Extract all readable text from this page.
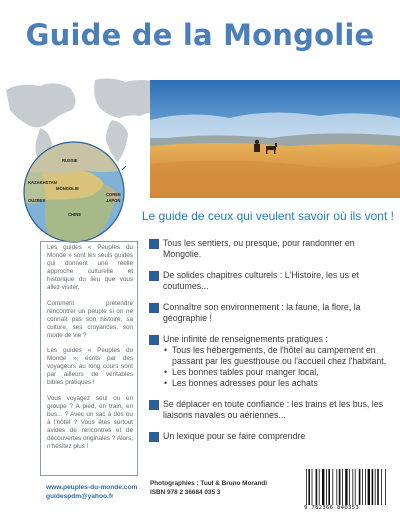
Guide de la Mongolie
RUSSIE
KAZAKHSTAN
MONGOLIE
CHINE
COREE
JAPON
OUZBEK
Le guide de ceux qui veulent savoir où ils vont !

Les guides « Peuples du Monde » sont les seuls guides qui donnent une réelle approche culturelle et historique du lieu que vous allez visiter.

Comment prétendre rencontrer un peuple si on ne connaît pas son histoire, sa culture, ses croyances, son mode de vie ?

Les guides « Peuples du Monde », écrits par des voyageurs au long cours sont par ailleurs de véritables bibles pratiques !

Vous voyagez seul ou en groupe ? A pied, en train, en bus... ? Avec un sac à dos ou à l'hôtel ? Vous êtes surtout avides de rencontres et de découvertes originales ? Alors, n'hésitez plus !

www.peuples-du-monde.com
guidespdm@yahoo.fr
Tous les sentiers, ou presque, pour randonner en Mongolie.
De solides chapitres culturels : L'Histoire, les us et coutumes...
Connaître son environnement : la faune, la flore, la géographie !
Une infinité de renseignements pratiques :
• Tous les hébergements, de l'hôtel au campement en passant par les guesthouse ou l'accueil chez l'habitant,
• Les bonnes tables pour manger local,
• Les bonnes adresses pour les achats
Se déplacer en toute confiance : les trains et les bus, les liaisons navales ou aériennes...
Un lexique pour se faire comprendre
Photographies : Tuul & Bruno Morandi
ISBN 978 2 36684 035 3
9 782366 840353
